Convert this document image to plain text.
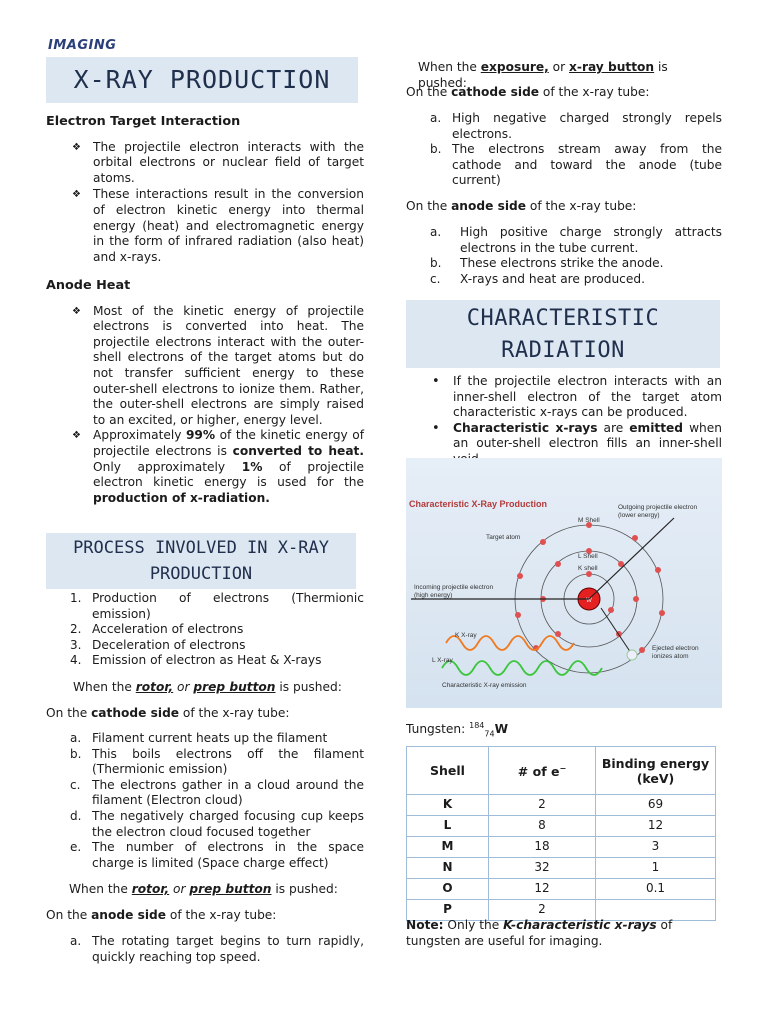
IMAGING
X-RAY PRODUCTION
Electron Target Interaction
❖ The projectile electron interacts with the orbital electrons or nuclear field of target atoms.
❖ These interactions result in the conversion of electron kinetic energy into thermal energy (heat) and electromagnetic energy in the form of infrared radiation (also heat) and x-rays.
Anode Heat
❖ Most of the kinetic energy of projectile electrons is converted into heat. The projectile electrons interact with the outer-shell electrons of the target atoms but do not transfer sufficient energy to these outer-shell electrons to ionize them. Rather, the outer-shell electrons are simply raised to an excited, or higher, energy level.
❖ Approximately 99% of the kinetic energy of projectile electrons is converted to heat. Only approximately 1% of projectile electron kinetic energy is used for the production of x-radiation.
PROCESS INVOLVED IN X-RAY PRODUCTION
1. Production of electrons (Thermionic emission)
2. Acceleration of electrons
3. Deceleration of electrons
4. Emission of electron as Heat & X-rays
When the rotor, or prep button is pushed:
On the cathode side of the x-ray tube:
a. Filament current heats up the filament
b. This boils electrons off the filament (Thermionic emission)
c. The electrons gather in a cloud around the filament (Electron cloud)
d. The negatively charged focusing cup keeps the electron cloud focused together
e. The number of electrons in the space charge is limited (Space charge effect)
When the rotor, or prep button is pushed:
On the anode side of the x-ray tube:
a. The rotating target begins to turn rapidly, quickly reaching top speed.
When the exposure, or x-ray button is pushed:
On the cathode side of the x-ray tube:
a. High negative charged strongly repels electrons.
b. The electrons stream away from the cathode and toward the anode (tube current)
On the anode side of the x-ray tube:
a. High positive charge strongly attracts electrons in the tube current.
b. These electrons strike the anode.
c. X-rays and heat are produced.
CHARACTERISTIC
RADIATION
• If the projectile electron interacts with an inner-shell electron of the target atom characteristic x-rays can be produced.
• Characteristic x-rays are emitted when an outer-shell electron fills an inner-shell
Characteristic X-Ray Production
W
Outgoing projectile electron
(lower energy)
M Shell
Target atom
L Shell
K shell
Incoming projectile electron
(high energy)
K X-ray
L X-ray
Ejected electron
ionizes atom
Characteristic X-ray emission
Tungsten: $^{184}_{74}$W
Shell	# of e−	Binding energy (keV)
K	2	69
L	8	12
M	18	3
N	32	1
O	12	0.1
P	2	
Note: Only the K-characteristic x-rays of tungsten are useful for imaging.
